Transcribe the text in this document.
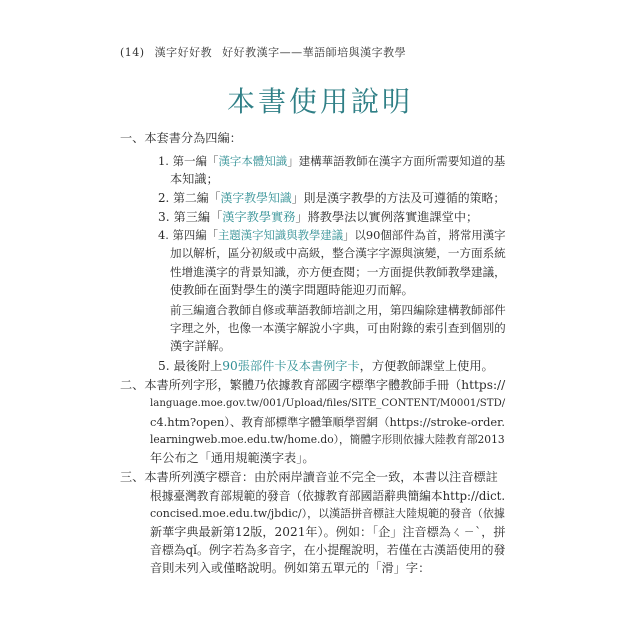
(14) 漢字好好教 好好教漢字——華語師培與漢字教學
本書使用說明
一、本套書分為四編：
1. 第一編「漢字本體知識」建構華語教師在漢字方面所需要知道的基
本知識；
2. 第二編「漢字教學知識」則是漢字教學的方法及可遵循的策略；
3. 第三編「漢字教學實務」將教學法以實例落實進課堂中；
4. 第四編「主題漢字知識與教學建議」以90個部件為首，將常用漢字
加以解析，區分初級或中高級，整合漢字字源與演變，一方面系統
性增進漢字的背景知識，亦方便查閱；一方面提供教師教學建議，
使教師在面對學生的漢字問題時能迎刃而解。
前三編適合教師自修或華語教師培訓之用，第四編除建構教師部件
字理之外，也像一本漢字解說小字典，可由附錄的索引查到個別的
漢字詳解。
5. 最後附上90張部件卡及本書例字卡，方便教師課堂上使用。
二、本書所列字形，繁體乃依據教育部國字標準字體教師手冊（https://
language.moe.gov.tw/001/Upload/files/SITE_CONTENT/M0001/STD/
c4.htm?open）、教育部標準字體筆順學習網（https://stroke-order.
learningweb.moe.edu.tw/home.do），簡體字形則依據大陸教育部2013
年公布之「通用規範漢字表」。
三、本書所列漢字標音：由於兩岸讀音並不完全一致，本書以注音標註
根據臺灣教育部規範的發音（依據教育部國語辭典簡編本http://dict.
concised.moe.edu.tw/jbdic/），以漢語拼音標註大陸規範的發音（依據
新華字典最新第12版，2021年）。例如：「企」注音標為ㄑㄧˋ，拼
音標為qǐ。例字若為多音字，在小提醒說明，若僅在古漢語使用的發
音則未列入或僅略說明。例如第五單元的「滑」字：
